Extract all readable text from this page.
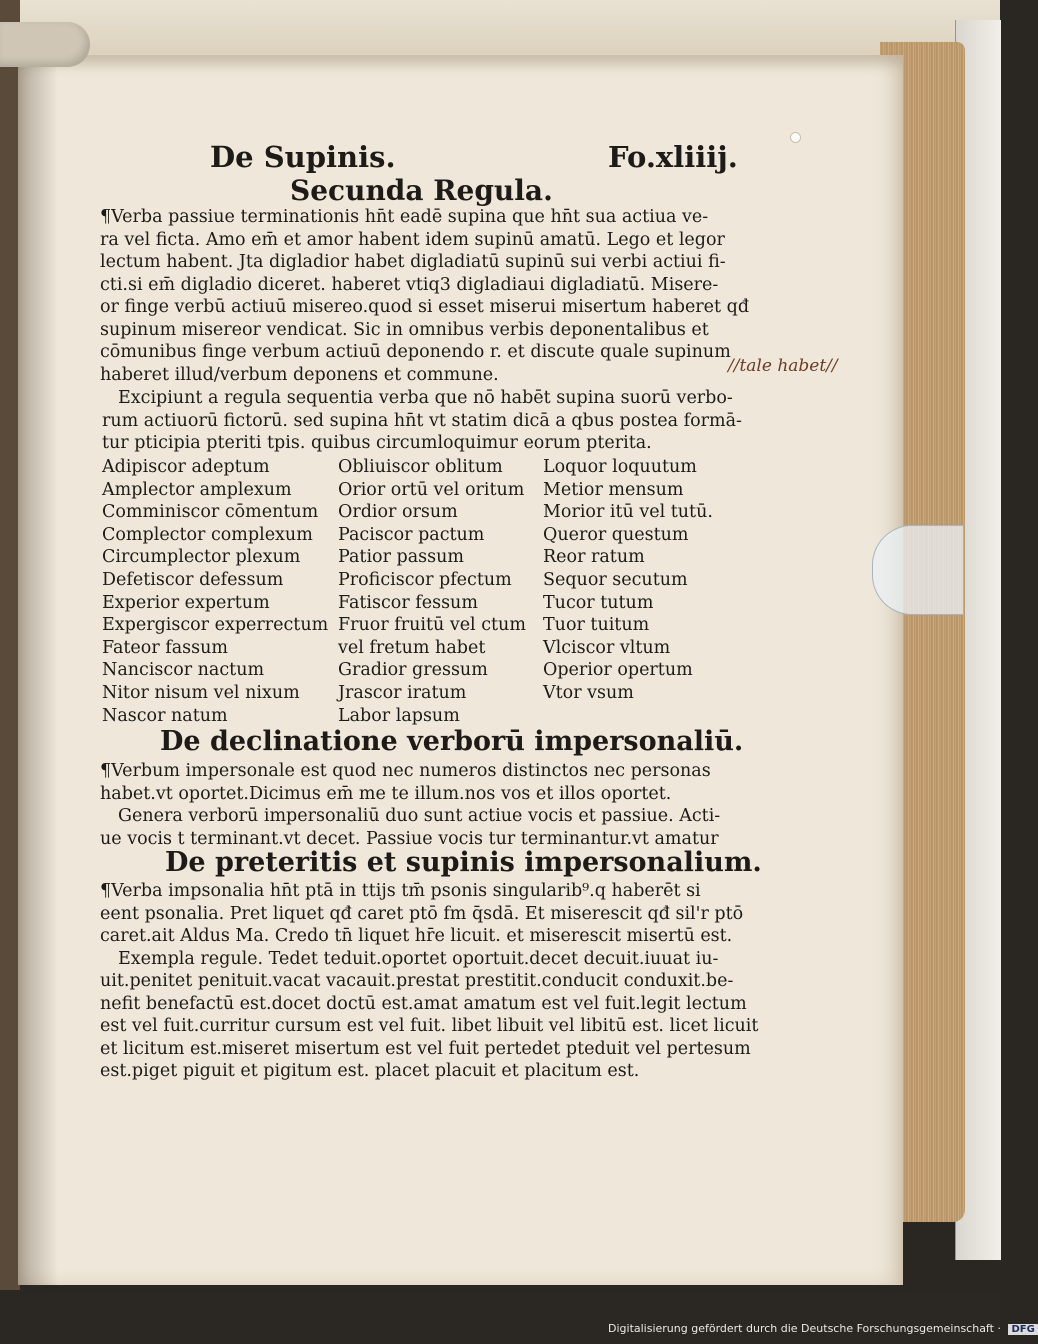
De Supinis.	Fo.xliiij.
Secunda Regula.
¶Verba passiue terminationis hn̄t eadē supina que hn̄t sua actiua ve-
ra vel ficta. Amo em̄ et amor habent idem supinū amatū. Lego et legor
lectum habent. Jta digladior habet digladiatū supinū sui verbi actiui fi-
cti.si em̄ digladio diceret. haberet vtiq3 digladiaui digladiatū. Misere-
or finge verbū actiuū misereo.quod si esset miserui misertum haberet qđ
supinum misereor vendicat. Sic in omnibus verbis deponentalibus et
cōmunibus finge verbum actiuū deponendo r. et discute quale supinum
haberet illud/verbum deponens et commune.	//tale habet//
Excipiunt a regula sequentia verba que nō habēt supina suorū verbo-
rum actiuorū fictorū. sed supina hn̄t vt statim dicā a qbus postea formā-
tur pticipia pteriti tpis. quibus circumloquimur eorum pterita.
Adipiscor adeptum
Amplector amplexum
Comminiscor cōmentum
Complector complexum
Circumplector plexum
Defetiscor defessum
Experior expertum
Expergiscor experrectum
Fateor fassum
Nanciscor nactum
Nitor nisum vel nixum
Nascor natum
Obliuiscor oblitum
Orior ortū vel oritum
Ordior orsum
Paciscor pactum
Patior passum
Proficiscor pfectum
Fatiscor fessum
Fruor fruitū vel ctum
vel fretum habet
Gradior gressum
Jrascor iratum
Labor lapsum
Loquor loquutum
Metior mensum
Morior itū vel tutū.
Queror questum
Reor ratum
Sequor secutum
Tucor tutum
Tuor tuitum
Vlciscor vltum
Operior opertum
Vtor vsum
De declinatione verborū impersonaliū.
¶Verbum impersonale est quod nec numeros distinctos nec personas
habet.vt oportet.Dicimus em̄ me te illum.nos vos et illos oportet.
Genera verborū impersonaliū duo sunt actiue vocis et passiue. Acti-
ue vocis t terminant.vt decet. Passiue vocis tur terminantur.vt amatur
De preteritis et supinis impersonalium.
¶Verba impsonalia hn̄t ptā in ttijs tm̄ psonis singularib⁹.q haberēt si
eent psonalia. Pret liquet qđ caret ptō fm q̄sdā. Et miserescit qđ sil'r ptō
caret.ait Aldus Ma. Credo tn̄ liquet hr̄e licuit. et miserescit misertū est.
Exempla regule. Tedet teduit.oportet oportuit.decet decuit.iuuat iu-
uit.penitet penituit.vacat vacauit.prestat prestitit.conducit conduxit.be-
nefit benefactū est.docet doctū est.amat amatum est vel fuit.legit lectum
est vel fuit.curritur cursum est vel fuit. libet libuit vel libitū est. licet licuit
et licitum est.miseret misertum est vel fuit pertedet pteduit vel pertesum
est.piget piguit et pigitum est. placet placuit et placitum est.
Digitalisierung gefördert durch die Deutsche Forschungsgemeinschaft · DFG
